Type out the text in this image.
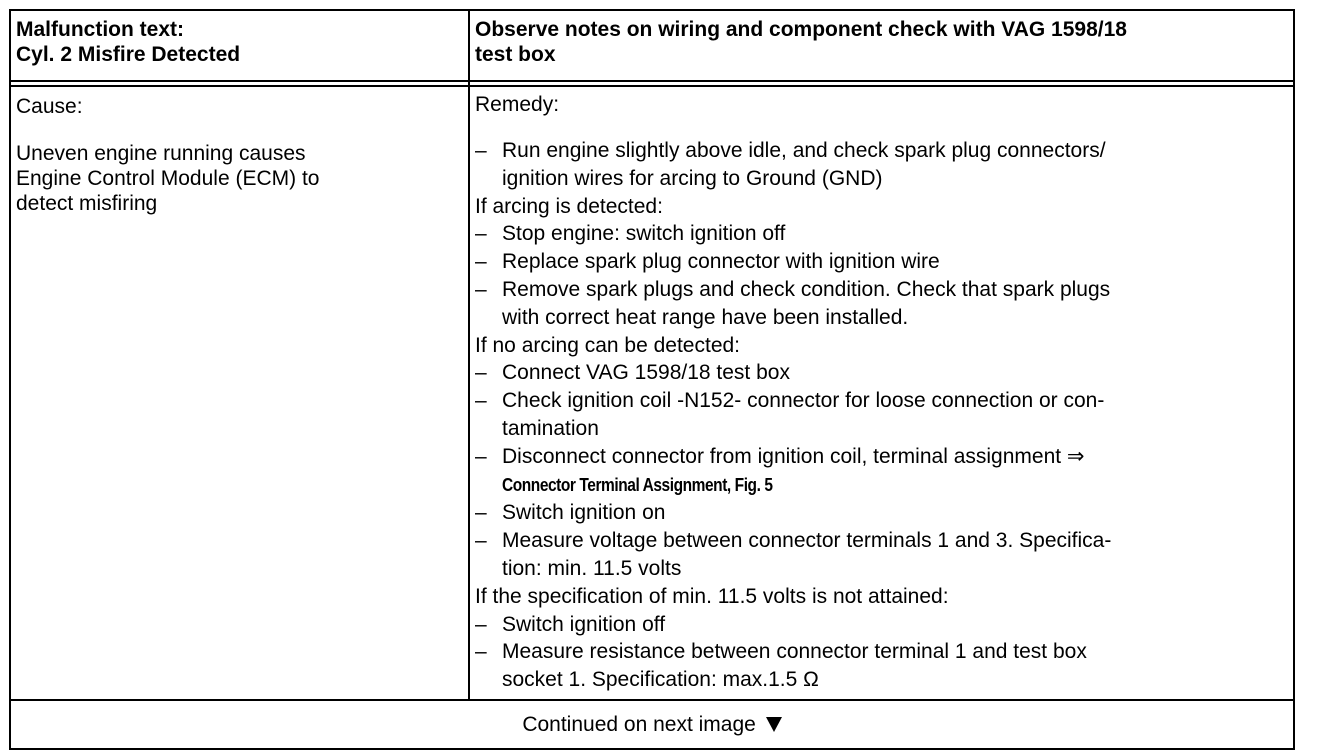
Malfunction text:
Cyl. 2 Misfire Detected
Observe notes on wiring and component check with VAG 1598/18
test box
Cause:
Uneven engine running causes
Engine Control Module (ECM) to
detect misfiring
Remedy:
– Run engine slightly above idle, and check spark plug connectors/
ignition wires for arcing to Ground (GND)
If arcing is detected:
– Stop engine: switch ignition off
– Replace spark plug connector with ignition wire
– Remove spark plugs and check condition. Check that spark plugs
with correct heat range have been installed.
If no arcing can be detected:
– Connect VAG 1598/18 test box
– Check ignition coil -N152- connector for loose connection or con-
tamination
– Disconnect connector from ignition coil, terminal assignment ⇒
Connector Terminal Assignment, Fig. 5
– Switch ignition on
– Measure voltage between connector terminals 1 and 3. Specifica-
tion: min. 11.5 volts
If the specification of min. 11.5 volts is not attained:
– Switch ignition off
– Measure resistance between connector terminal 1 and test box
socket 1. Specification: max.1.5 Ω
Continued on next image
